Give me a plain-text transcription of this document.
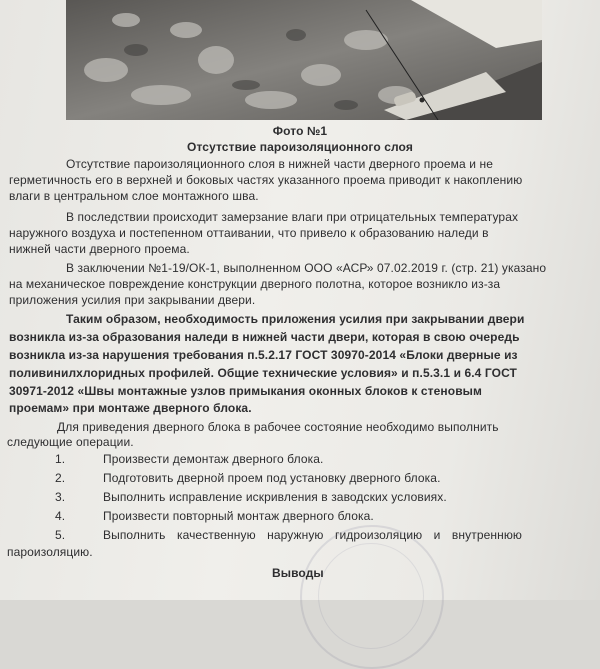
Фото №1
Отсутствие пароизоляционного слоя
Отсутствие пароизоляционного слоя в нижней части дверного проема и не
герметичность его в верхней и боковых частях указанного проема приводит к накоплению
влаги в центральном слое монтажного шва.
В последствии происходит замерзание влаги при отрицательных температурах
наружного воздуха и постепенном оттаивании, что привело к образованию наледи в
нижней части дверного проема.
В заключении №1-19/ОК-1, выполненном ООО «АСР» 07.02.2019 г. (стр. 21) указано
на механическое повреждение конструкции дверного полотна, которое возникло из-за
приложения усилия при закрывании двери.
Таким образом, необходимость приложения усилия при закрывании двери
возникла из-за образования наледи в нижней части двери, которая в свою очередь
возникла из-за нарушения требования п.5.2.17 ГОСТ 30970-2014 «Блоки дверные из
поливинилхлоридных профилей. Общие технические условия» и п.5.3.1 и 6.4 ГОСТ
30971-2012 «Швы монтажные узлов примыкания оконных блоков к стеновым
проемам» при монтаже дверного блока.
Для приведения дверного блока в рабочее состояние необходимо выполнить
следующие операции.
1.	Произвести демонтаж дверного блока.
2.	Подготовить дверной проем под установку дверного блока.
3.	Выполнить исправление искривления в заводских условиях.
4.	Произвести повторный монтаж дверного блока.
5.	Выполнить качественную наружную гидроизоляцию и внутреннюю
пароизоляцию.
Выводы
